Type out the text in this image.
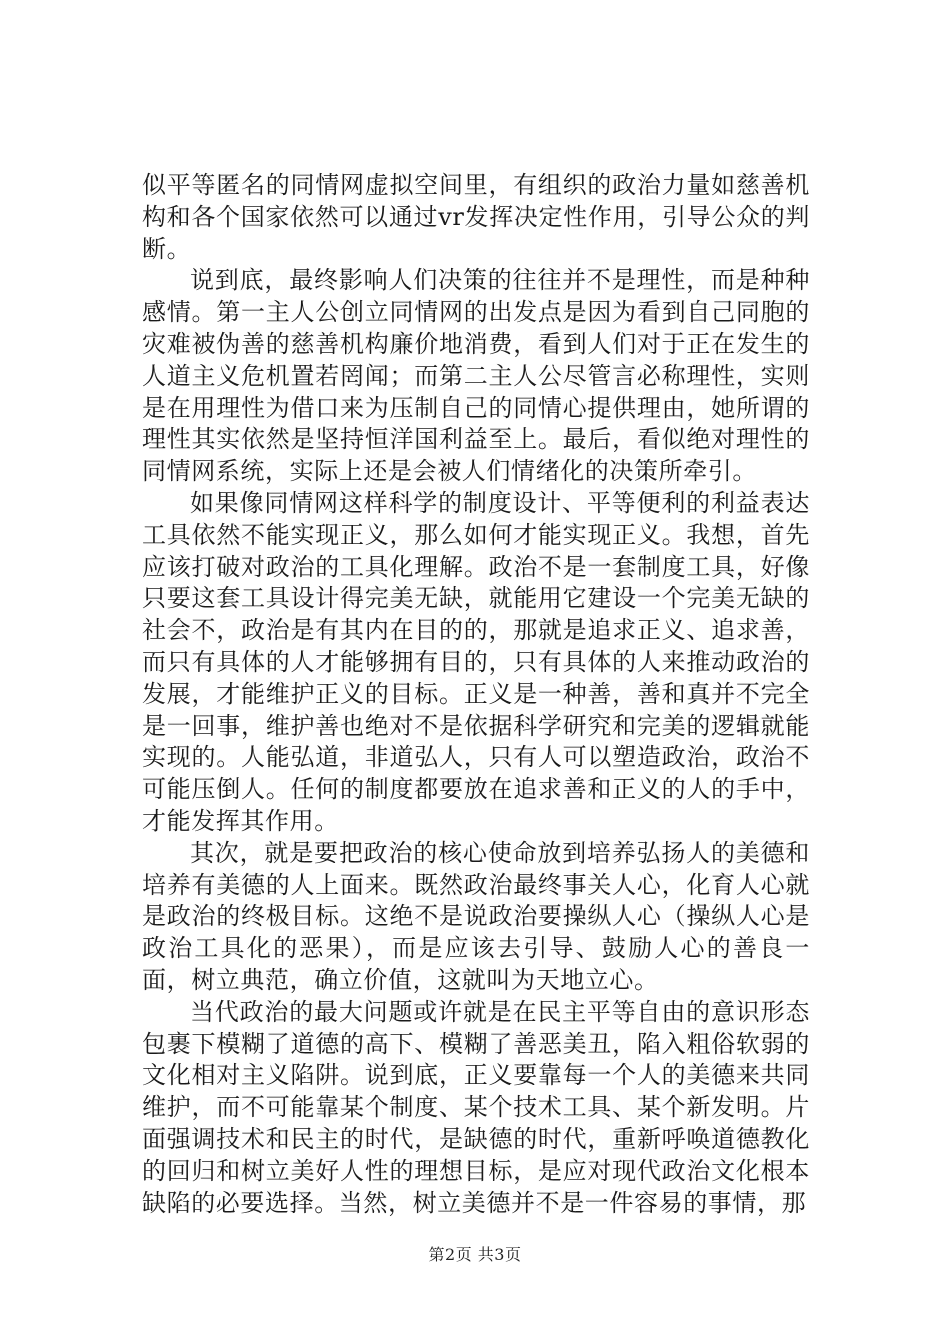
似平等匿名的同情网虚拟空间里，有组织的政治力量如慈善机构和各个国家依然可以通过vr发挥决定性作用，引导公众的判断。

说到底，最终影响人们决策的往往并不是理性，而是种种感情。第一主人公创立同情网的出发点是因为看到自己同胞的灾难被伪善的慈善机构廉价地消费，看到人们对于正在发生的人道主义危机置若罔闻；而第二主人公尽管言必称理性，实则是在用理性为借口来为压制自己的同情心提供理由，她所谓的理性其实依然是坚持恒洋国利益至上。最后，看似绝对理性的同情网系统，实际上还是会被人们情绪化的决策所牵引。

如果像同情网这样科学的制度设计、平等便利的利益表达工具依然不能实现正义，那么如何才能实现正义。我想，首先应该打破对政治的工具化理解。政治不是一套制度工具，好像只要这套工具设计得完美无缺，就能用它建设一个完美无缺的社会不，政治是有其内在目的的，那就是追求正义、追求善，而只有具体的人才能够拥有目的，只有具体的人来推动政治的发展，才能维护正义的目标。正义是一种善，善和真并不完全是一回事，维护善也绝对不是依据科学研究和完美的逻辑就能实现的。人能弘道，非道弘人，只有人可以塑造政治，政治不可能压倒人。任何的制度都要放在追求善和正义的人的手中，才能发挥其作用。

其次，就是要把政治的核心使命放到培养弘扬人的美德和培养有美德的人上面来。既然政治最终事关人心，化育人心就是政治的终极目标。这绝不是说政治要操纵人心（操纵人心是政治工具化的恶果），而是应该去引导、鼓励人心的善良一面，树立典范，确立价值，这就叫为天地立心。

当代政治的最大问题或许就是在民主平等自由的意识形态包裹下模糊了道德的高下、模糊了善恶美丑，陷入粗俗软弱的文化相对主义陷阱。说到底，正义要靠每一个人的美德来共同维护，而不可能靠某个制度、某个技术工具、某个新发明。片面强调技术和民主的时代，是缺德的时代，重新呼唤道德教化的回归和树立美好人性的理想目标，是应对现代政治文化根本缺陷的必要选择。当然，树立美德并不是一件容易的事情，那

第2页 共3页
